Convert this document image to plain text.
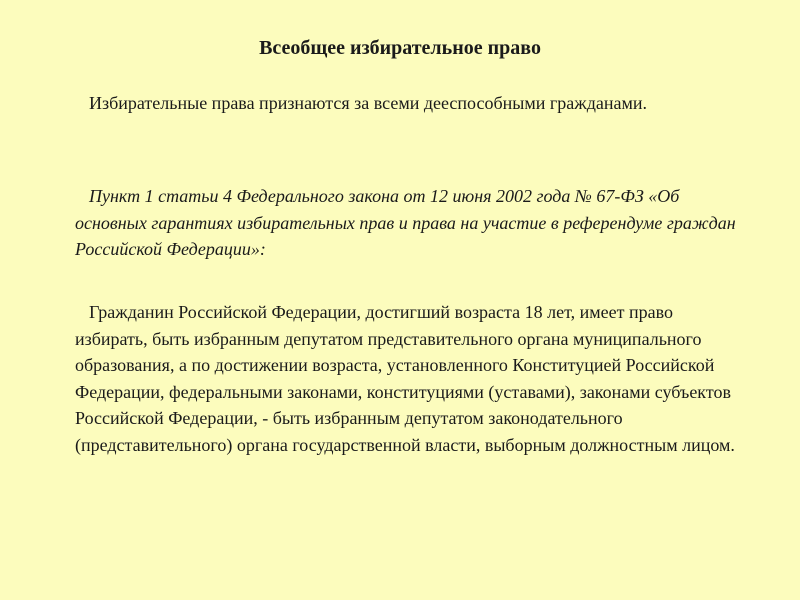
Всеобщее избирательное право

Избирательные права признаются за всеми дееспособными гражданами.

Пункт 1 статьи 4 Федерального закона от 12 июня 2002 года № 67-ФЗ «Об основных гарантиях избирательных прав и права на участие в референдуме граждан Российской Федерации»:

Гражданин Российской Федерации, достигший возраста 18 лет, имеет право избирать, быть избранным депутатом представительного органа муниципального образования, а по достижении возраста, установленного Конституцией Российской Федерации, федеральными законами, конституциями (уставами), законами субъектов Российской Федерации, - быть избранным депутатом законодательного (представительного) органа государственной власти, выборным должностным лицом.
